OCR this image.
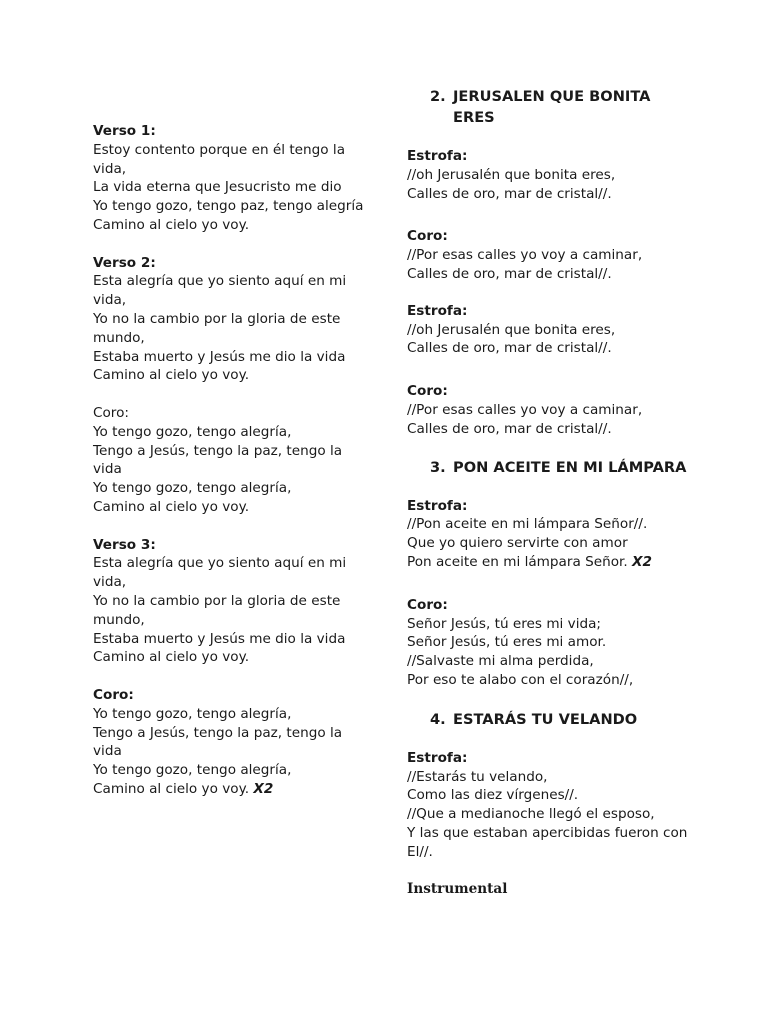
Verso 1:

Estoy contento porque en él tengo la vida,

La vida eterna que Jesucristo me dio

Yo tengo gozo, tengo paz, tengo alegría

Camino al cielo yo voy.

Verso 2:

Esta alegría que yo siento aquí en mi vida,

Yo no la cambio por la gloria de este mundo,

Estaba muerto y Jesús me dio la vida

Camino al cielo yo voy.

Coro:

Yo tengo gozo, tengo alegría,

Tengo a Jesús, tengo la paz, tengo la vida

Yo tengo gozo, tengo alegría,

Camino al cielo yo voy.

Verso 3:

Esta alegría que yo siento aquí en mi vida,

Yo no la cambio por la gloria de este mundo,

Estaba muerto y Jesús me dio la vida

Camino al cielo yo voy.

Coro:

Yo tengo gozo, tengo alegría,

Tengo a Jesús, tengo la paz, tengo la vida

Yo tengo gozo, tengo alegría,

Camino al cielo yo voy. X2

2. JERUSALEN QUE BONITA ERES

Estrofa:

//oh Jerusalén que bonita eres,

Calles de oro, mar de cristal//.

Coro:

//Por esas calles yo voy a caminar,

Calles de oro, mar de cristal//.

Estrofa:

//oh Jerusalén que bonita eres,

Calles de oro, mar de cristal//.

Coro:

//Por esas calles yo voy a caminar,

Calles de oro, mar de cristal//.

3. PON ACEITE EN MI LÁMPARA

Estrofa:

//Pon aceite en mi lámpara Señor//.

Que yo quiero servirte con amor

Pon aceite en mi lámpara Señor. X2

Coro:

Señor Jesús, tú eres mi vida;

Señor Jesús, tú eres mi amor.

//Salvaste mi alma perdida,

Por eso te alabo con el corazón//,

4. ESTARÁS TU VELANDO

Estrofa:

//Estarás tu velando,

Como las diez vírgenes//.

//Que a medianoche llegó el esposo,

Y las que estaban apercibidas fueron con El//.

Instrumental
